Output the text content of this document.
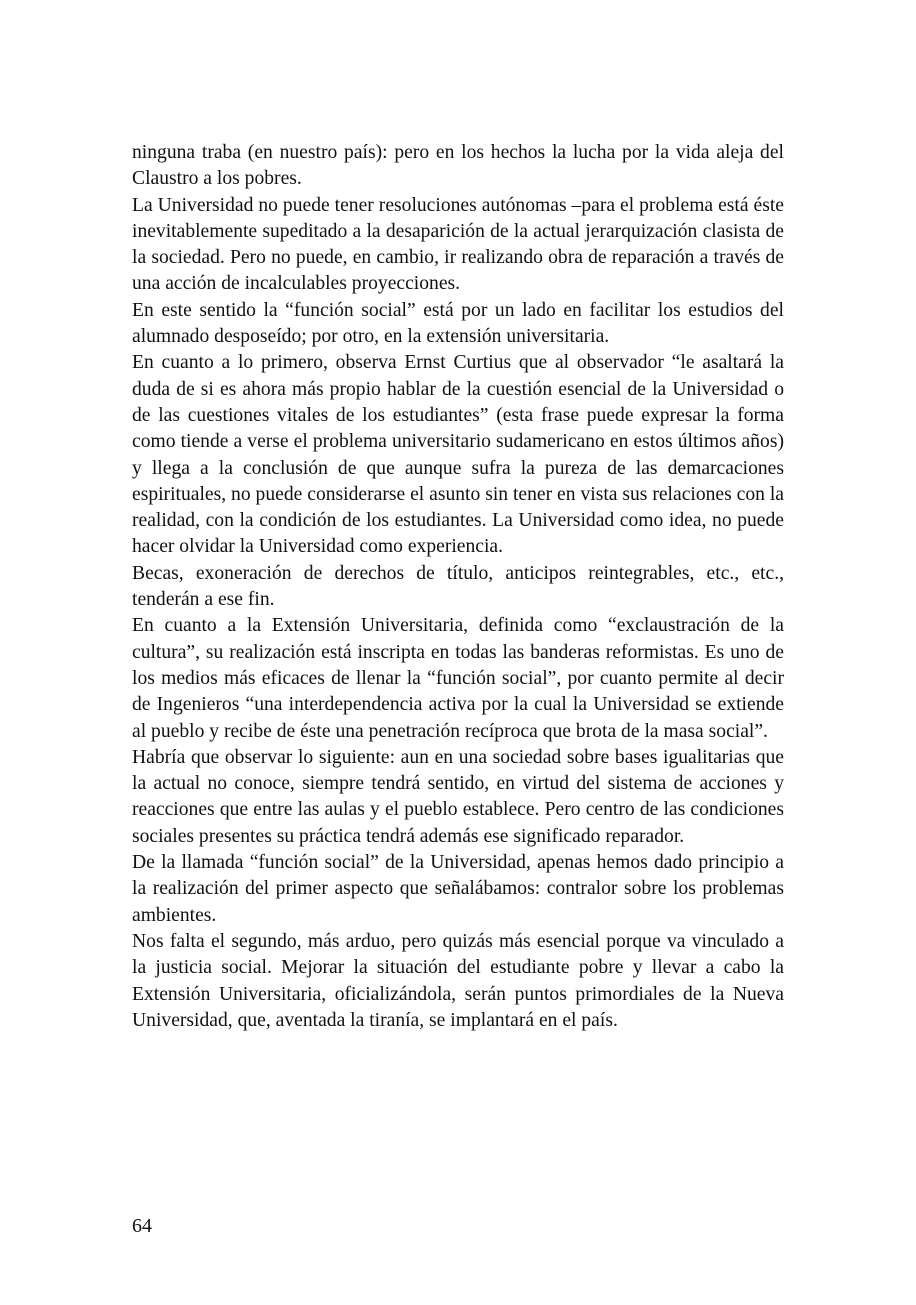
ninguna traba (en nuestro país): pero en los hechos la lucha por la vida aleja del Claustro a los pobres.

La Universidad no puede tener resoluciones autónomas –para el problema está éste inevitablemente supeditado a la desaparición de la actual jerarquización clasista de la sociedad. Pero no puede, en cambio, ir realizando obra de reparación a través de una acción de incalculables proyecciones.

En este sentido la “función social” está por un lado en facilitar los estudios del alumnado desposeído; por otro, en la extensión universitaria.

En cuanto a lo primero, observa Ernst Curtius que al observador “le asaltará la duda de si es ahora más propio hablar de la cuestión esencial de la Universidad o de las cuestiones vitales de los estudiantes” (esta frase puede expresar la forma como tiende a verse el problema universitario sudamericano en estos últimos años) y llega a la conclusión de que aunque sufra la pureza de las demarcaciones espirituales, no puede considerarse el asunto sin tener en vista sus relaciones con la realidad, con la condición de los estudiantes. La Universidad como idea, no puede hacer olvidar la Universidad como experiencia.

Becas, exoneración de derechos de título, anticipos reintegrables, etc., etc., tenderán a ese fin.

En cuanto a la Extensión Universitaria, definida como “exclaustración de la cultura”, su realización está inscripta en todas las banderas reformistas. Es uno de los medios más eficaces de llenar la “función social”, por cuanto permite al decir de Ingenieros “una interdependencia activa por la cual la Universidad se extiende al pueblo y recibe de éste una penetración recíproca que brota de la masa social”.

Habría que observar lo siguiente: aun en una sociedad sobre bases igualitarias que la actual no conoce, siempre tendrá sentido, en virtud del sistema de acciones y reacciones que entre las aulas y el pueblo establece. Pero centro de las condiciones sociales presentes su práctica tendrá además ese significado reparador.

De la llamada “función social” de la Universidad, apenas hemos dado principio a la realización del primer aspecto que señalábamos: contralor sobre los problemas ambientes.

Nos falta el segundo, más arduo, pero quizás más esencial porque va vinculado a la justicia social. Mejorar la situación del estudiante pobre y llevar a cabo la Extensión Universitaria, oficializándola, serán puntos primordiales de la Nueva Universidad, que, aventada la tiranía, se implantará en el país.

64
